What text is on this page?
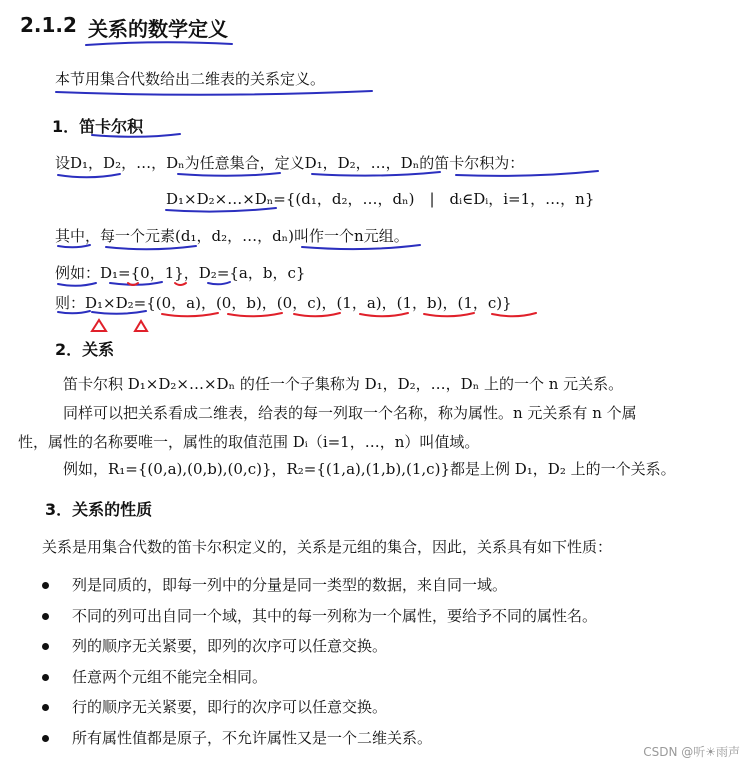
2.1.2 关系的数学定义
本节用集合代数给出二维表的关系定义。
1．笛卡尔积
设D₁，D₂，…，Dₙ为任意集合，定义D₁，D₂，…，Dₙ的笛卡尔积为：
D₁×D₂×…×Dₙ={(d₁，d₂，…，dₙ)　|　dᵢ∈Dᵢ，i=1，…，n}
其中，每一个元素(d₁，d₂，…，dₙ)叫作一个n元组。
例如：D₁={0，1}，D₂={a，b，c}
则：D₁×D₂={(0，a)，(0，b)，(0，c)，(1，a)，(1，b)，(1，c)}
2．关系
笛卡尔积 D₁×D₂×…×Dₙ 的任一个子集称为 D₁，D₂，…，Dₙ 上的一个 n 元关系。
同样可以把关系看成二维表，给表的每一列取一个名称，称为属性。n 元关系有 n 个属
性，属性的名称要唯一，属性的取值范围 Dᵢ（i=1，…，n）叫值域。
例如，R₁={(0,a),(0,b),(0,c)}，R₂={(1,a),(1,b),(1,c)}都是上例 D₁，D₂ 上的一个关系。
3．关系的性质
关系是用集合代数的笛卡尔积定义的，关系是元组的集合，因此，关系具有如下性质：
列是同质的，即每一列中的分量是同一类型的数据，来自同一域。
不同的列可出自同一个域，其中的每一列称为一个属性，要给予不同的属性名。
列的顺序无关紧要，即列的次序可以任意交换。
任意两个元组不能完全相同。
行的顺序无关紧要，即行的次序可以任意交换。
所有属性值都是原子，不允许属性又是一个二维关系。
CSDN @听☀雨声
